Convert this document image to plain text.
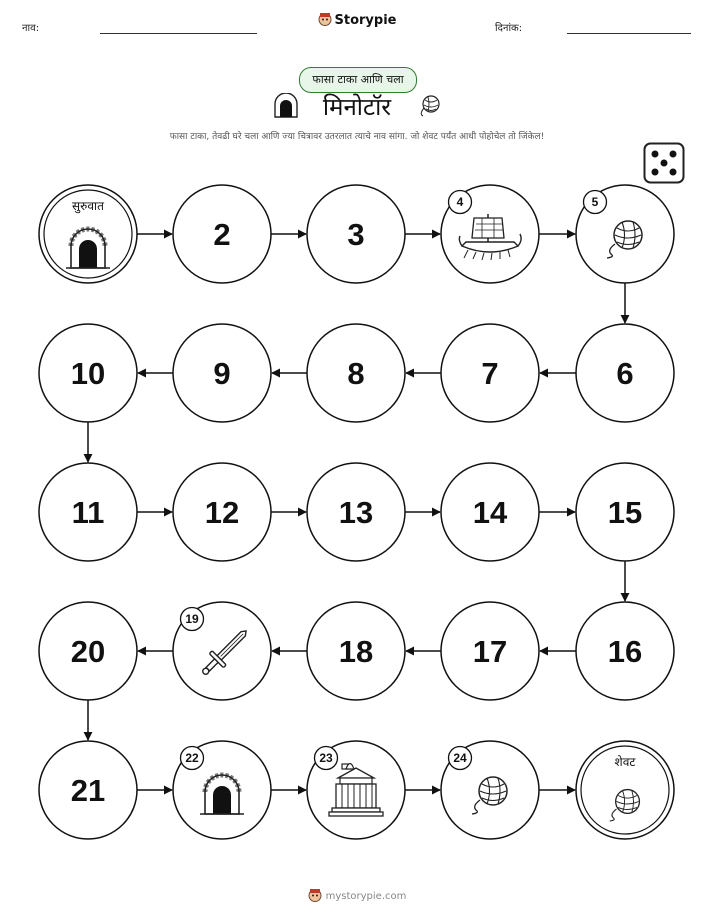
नाव:
Storypie
दिनांक:
फासा टाका आणि चला
मिनोटॉर
फासा टाका, तेवढी घरे चला आणि ज्या चित्रावर उतरलात त्याचे नाव सांगा. जो शेवट पर्यंत आधी पोहोचेल तो जिंकेल!
सुरुवात
2	3
4	5
6
7
8
9
10
11	12	13	14	15
16
17
18
19
20
21
22	23	24	शेवट
mystorypie.com
